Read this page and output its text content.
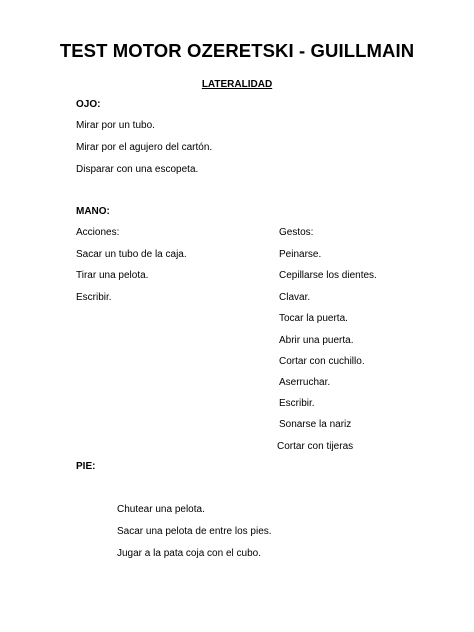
TEST MOTOR OZERETSKI - GUILLMAIN
LATERALIDAD
OJO:
Mirar por un tubo.
Mirar por el agujero del cartón.
Disparar con una escopeta.
MANO:
Acciones:
Sacar un tubo de la caja.
Tirar una pelota.
Escribir.
Gestos:
Peinarse.
Cepillarse los dientes.
Clavar.
Tocar la puerta.
Abrir una puerta.
Cortar con cuchillo.
Aserruchar.
Escribir.
Sonarse la nariz
Cortar con tijeras
PIE:
Chutear una pelota.
Sacar una pelota de entre los pies.
Jugar a la pata coja con el cubo.
